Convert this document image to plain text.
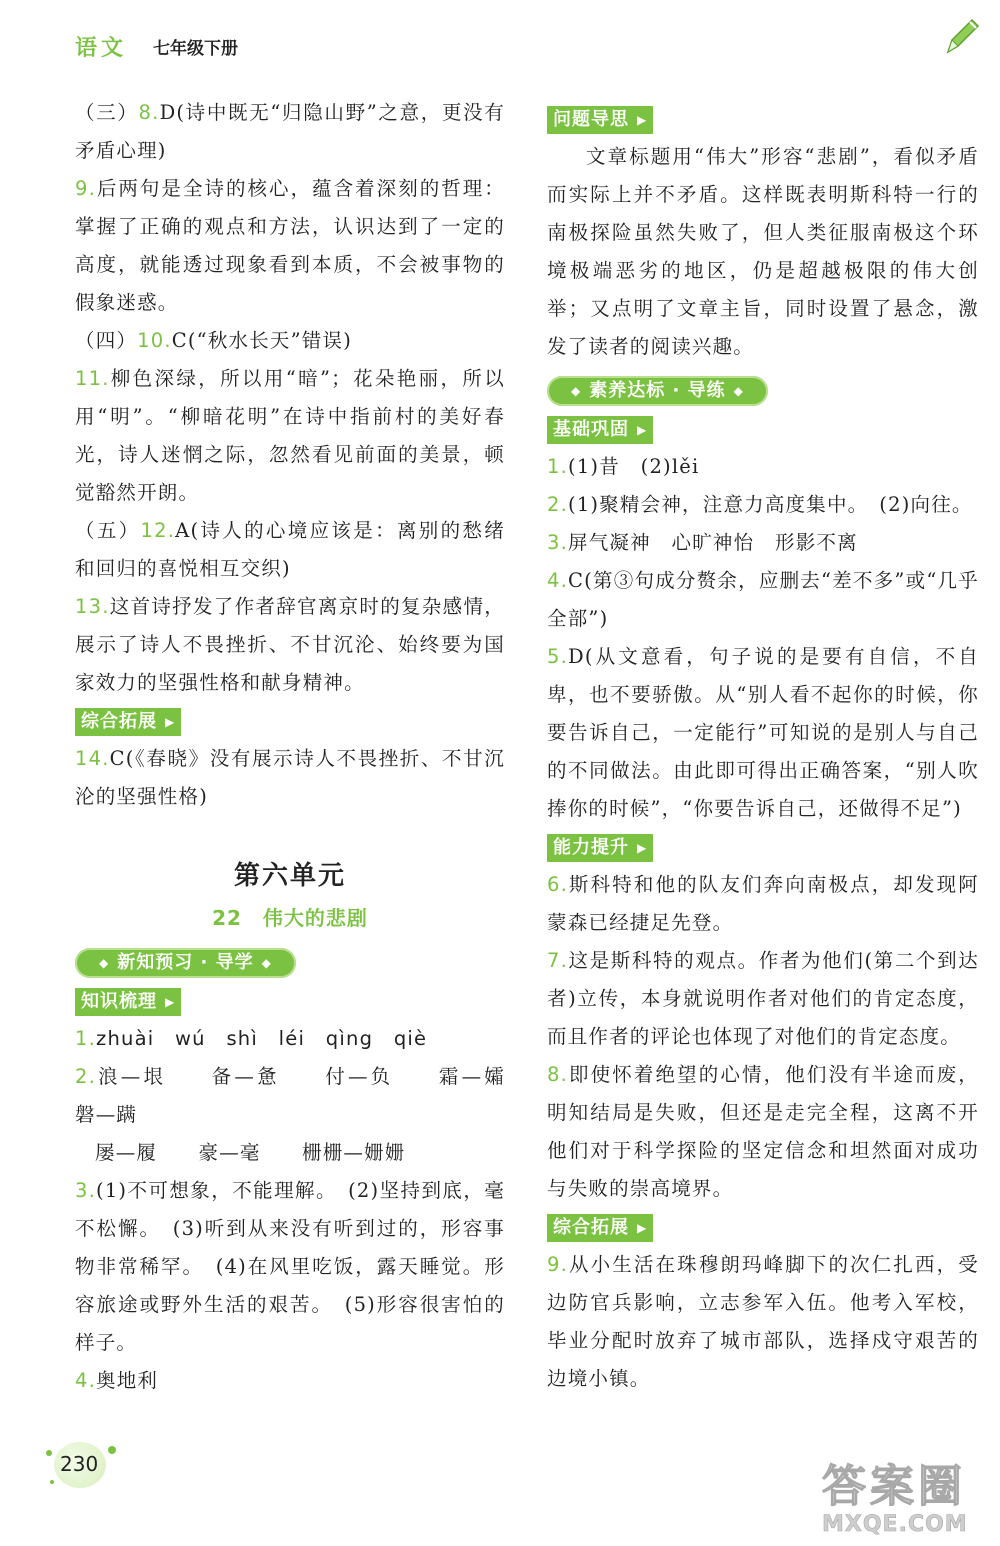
语文 七年级下册

（三）8.D(诗中既无“归隐山野”之意，更没有矛盾心理)

9.后两句是全诗的核心，蕴含着深刻的哲理：掌握了正确的观点和方法，认识达到了一定的高度，就能透过现象看到本质，不会被事物的假象迷惑。

（四）10.C(“秋水长天”错误)

11.柳色深绿，所以用“暗”；花朵艳丽，所以用“明”。“柳暗花明”在诗中指前村的美好春光，诗人迷惘之际，忽然看见前面的美景，顿觉豁然开朗。

（五）12.A(诗人的心境应该是：离别的愁绪和回归的喜悦相互交织)

13.这首诗抒发了作者辞官离京时的复杂感情，展示了诗人不畏挫折、不甘沉沦、始终要为国家效力的坚强性格和献身精神。

综合拓展 ▶

14.C(《春晓》没有展示诗人不畏挫折、不甘沉沦的坚强性格)

第六单元
22　 伟大的悲剧
◆ 新知预习 · 导学 ◆

知识梳理 ▶

1.zhuài　wú　shì　léi　qìng　qiè

2.浪—垠　　备—惫　　付—负　　霜—孀　　磐—蹒

屡—履　　豪—毫　　栅栅—姗姗

3.(1)不可想象，不能理解。　(2)坚持到底，毫不松懈。　(3)听到从来没有听到过的，形容事物非常稀罕。　(4)在风里吃饭，露天睡觉。形容旅途或野外生活的艰苦。　(5)形容很害怕的样子。

4.奥地利

问题导思 ▶

文章标题用“伟大”形容“悲剧”，看似矛盾而实际上并不矛盾。这样既表明斯科特一行的南极探险虽然失败了，但人类征服南极这个环境极端恶劣的地区，仍是超越极限的伟大创举；又点明了文章主旨，同时设置了悬念，激发了读者的阅读兴趣。

◆ 素养达标 · 导练 ◆

基础巩固 ▶

1.(1)昔　(2)lěi

2.(1)聚精会神，注意力高度集中。　(2)向往。

3.屏气凝神　心旷神怡　形影不离

4.C(第③句成分赘余，应删去“差不多”或“几乎全部”)

5.D(从文意看，句子说的是要有自信，不自卑，也不要骄傲。从“别人看不起你的时候，你要告诉自己，一定能行”可知说的是别人与自己的不同做法。由此即可得出正确答案，“别人吹捧你的时候”，“你要告诉自己，还做得不足”)

能力提升 ▶

6.斯科特和他的队友们奔向南极点，却发现阿蒙森已经捷足先登。

7.这是斯科特的观点。作者为他们(第二个到达者)立传，本身就说明作者对他们的肯定态度，而且作者的评论也体现了对他们的肯定态度。

8.即使怀着绝望的心情，他们没有半途而废，明知结局是失败，但还是走完全程，这离不开他们对于科学探险的坚定信念和坦然面对成功与失败的崇高境界。

综合拓展 ▶

9.从小生活在珠穆朗玛峰脚下的次仁扎西，受边防官兵影响，立志参军入伍。他考入军校，毕业分配时放弃了城市部队，选择戍守艰苦的边境小镇。

230	答案圈
MXQE.COM
